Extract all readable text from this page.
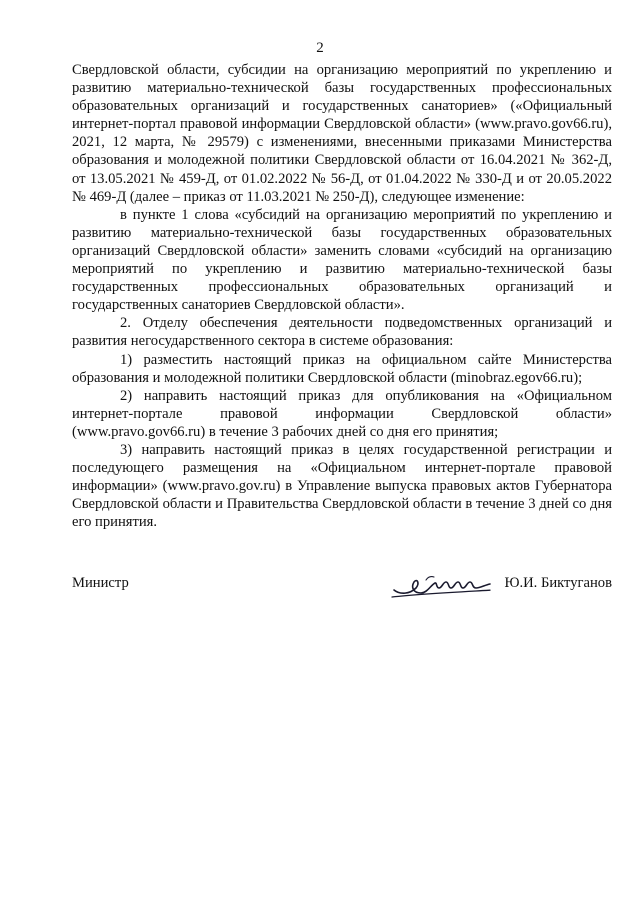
2

Свердловской области, субсидии на организацию мероприятий по укреплению и развитию материально-технической базы государственных профессиональных образовательных организаций и государственных санаториев» («Официальный интернет-портал правовой информации Свердловской области» (www.pravo.gov66.ru), 2021, 12 марта, № 29579) с изменениями, внесенными приказами Министерства образования и молодежной политики Свердловской области от 16.04.2021 № 362-Д, от 13.05.2021 № 459-Д, от 01.02.2022 № 56-Д, от 01.04.2022 № 330-Д и от 20.05.2022 № 469-Д (далее – приказ от 11.03.2021 № 250-Д), следующее изменение:

в пункте 1 слова «субсидий на организацию мероприятий по укреплению и развитию материально-технической базы государственных образовательных организаций Свердловской области» заменить словами «субсидий на организацию мероприятий по укреплению и развитию материально-технической базы государственных профессиональных образовательных организаций и государственных санаториев Свердловской области».

2. Отделу обеспечения деятельности подведомственных организаций и развития негосударственного сектора в системе образования:

1) разместить настоящий приказ на официальном сайте Министерства образования и молодежной политики Свердловской области (minobraz.egov66.ru);

2) направить настоящий приказ для опубликования на «Официальном интернет-портале правовой информации Свердловской области» (www.pravo.gov66.ru) в течение 3 рабочих дней со дня его принятия;

3) направить настоящий приказ в целях государственной регистрации и последующего размещения на «Официальном интернет-портале правовой информации» (www.pravo.gov.ru) в Управление выпуска правовых актов Губернатора Свердловской области и Правительства Свердловской области в течение 3 дней со дня его принятия.

Министр	Ю.И. Биктуганов
